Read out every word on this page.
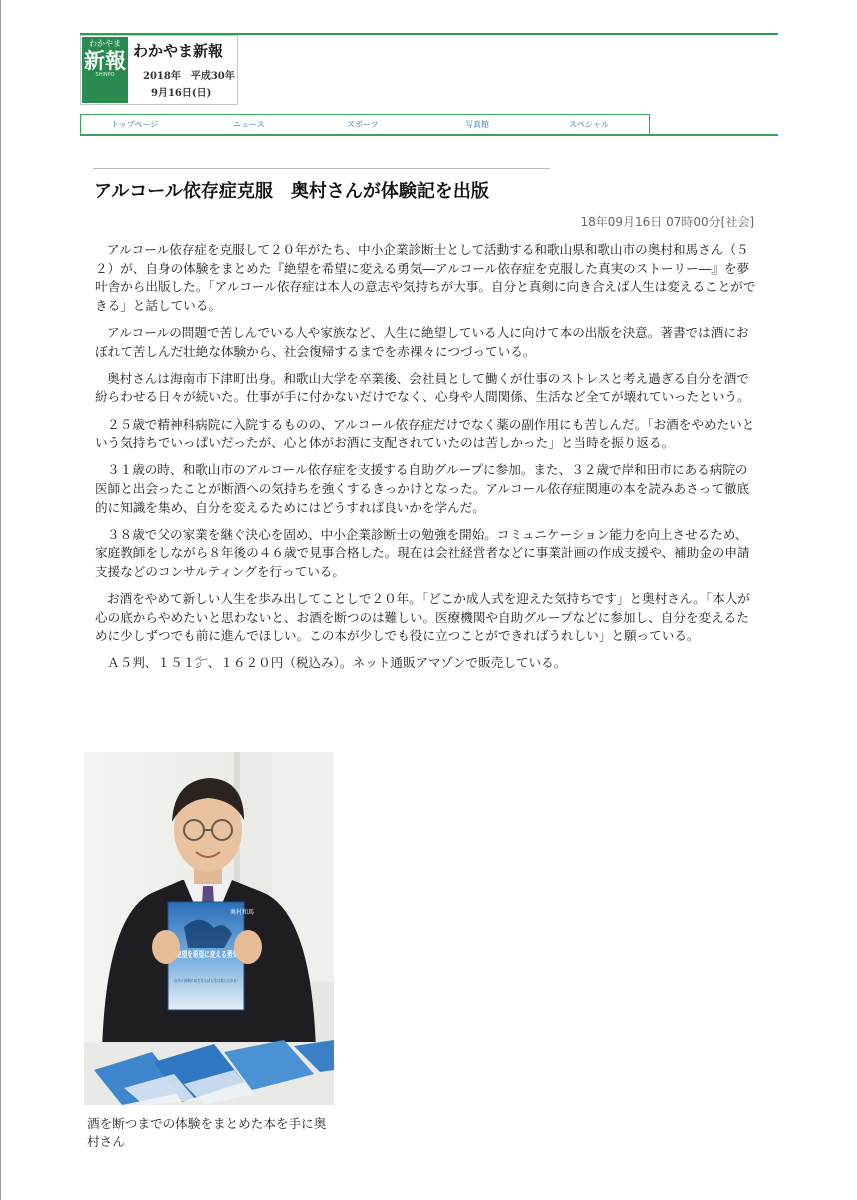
わかやま
新報
SHINPO
わかやま新報
2018年　平成30年
9月16日(日)
トップページ	ニュース	スポーツ	写真館	スペシャル
アルコール依存症克服　奥村さんが体験記を出版
18年09月16日 07時00分[社会]

アルコール依存症を克服して２０年がたち、中小企業診断士として活動する和歌山県和歌山市の奥村和馬さん（５２）が、自身の体験をまとめた『絶望を希望に変える勇気―アルコール依存症を克服した真実のストーリー―』を夢叶舎から出版した。「アルコール依存症は本人の意志や気持ちが大事。自分と真剣に向き合えば人生は変えることができる」と話している。

アルコールの問題で苦しんでいる人や家族など、人生に絶望している人に向けて本の出版を決意。著書では酒におぼれて苦しんだ壮絶な体験から、社会復帰するまでを赤裸々につづっている。

奥村さんは海南市下津町出身。和歌山大学を卒業後、会社員として働くが仕事のストレスと考え過ぎる自分を酒で紛らわせる日々が続いた。仕事が手に付かないだけでなく、心身や人間関係、生活など全てが壊れていったという。

２５歳で精神科病院に入院するものの、アルコール依存症だけでなく薬の副作用にも苦しんだ。「お酒をやめたいという気持ちでいっぱいだったが、心と体がお酒に支配されていたのは苦しかった」と当時を振り返る。

３１歳の時、和歌山市のアルコール依存症を支援する自助グループに参加。また、３２歳で岸和田市にある病院の医師と出会ったことが断酒への気持ちを強くするきっかけとなった。アルコール依存症関連の本を読みあさって徹底的に知識を集め、自分を変えるためにはどうすれば良いかを学んだ。

３８歳で父の家業を継ぐ決心を固め、中小企業診断士の勉強を開始。コミュニケーション能力を向上させるため、家庭教師をしながら８年後の４６歳で見事合格した。現在は会社経営者などに事業計画の作成支援や、補助金の申請支援などのコンサルティングを行っている。

お酒をやめて新しい人生を歩み出してことしで２０年。「どこか成人式を迎えた気持ちです」と奥村さん。「本人が心の底からやめたいと思わないと、お酒を断つのは難しい。医療機関や自助グループなどに参加し、自分を変えるために少しずつでも前に進んでほしい。この本が少しでも役に立つことができればうれしい」と願っている。

Ａ５判、１５１㌻、１６２０円（税込み）。ネット通販アマゾンで販売している。

奥村和馬
絶望を希望に変える勇気
自分と真剣に向き合えば人生は変えられる！
酒を断つまでの体験をまとめた本を手に奥村さん
